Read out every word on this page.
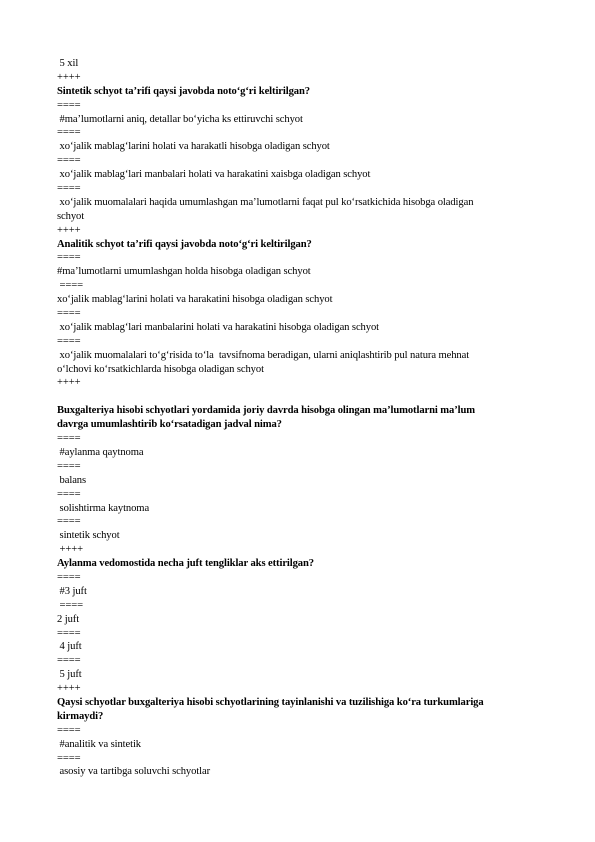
5 xil
++++
Sintetik schyot ta’rifi qaysi javobda noto‘g‘ri keltirilgan?
====
#ma’lumotlarni aniq, detallar bo‘yicha ks ettiruvchi schyot
====
xo‘jalik mablag‘larini holati va harakatli hisobga oladigan schyot
====
xo‘jalik mablag‘lari manbalari holati va harakatini xaisbga oladigan schyot
====
xo‘jalik muomalalari haqida umumlashgan ma’lumotlarni faqat pul ko‘rsatkichida hisobga oladigan
schyot
++++
Analitik schyot ta’rifi qaysi javobda noto‘g‘ri keltirilgan?
====
#ma’lumotlarni umumlashgan holda hisobga oladigan schyot
====
xo‘jalik mablag‘larini holati va harakatini hisobga oladigan schyot
====
xo‘jalik mablag‘lari manbalarini holati va harakatini hisobga oladigan schyot
====
xo‘jalik muomalalari to‘g‘risida to‘la  tavsifnoma beradigan, ularni aniqlashtirib pul natura mehnat
o‘lchovi ko‘rsatkichlarda hisobga oladigan schyot
++++
Buxgalteriya hisobi schyotlari yordamida joriy davrda hisobga olingan ma’lumotlarni ma’lum
davrga umumlashtirib ko‘rsatadigan jadval nima?
====
#aylanma qaytnoma
====
balans
====
solishtirma kaytnoma
====
sintetik schyot
++++
Aylanma vedomostida necha juft tengliklar aks ettirilgan?
====
#3 juft
====
2 juft
====
4 juft
====
5 juft
++++
Qaysi schyotlar buxgalteriya hisobi schyotlarining tayinlanishi va tuzilishiga ko‘ra turkumlariga
kirmaydi?
====
#analitik va sintetik
====
asosiy va tartibga soluvchi schyotlar
